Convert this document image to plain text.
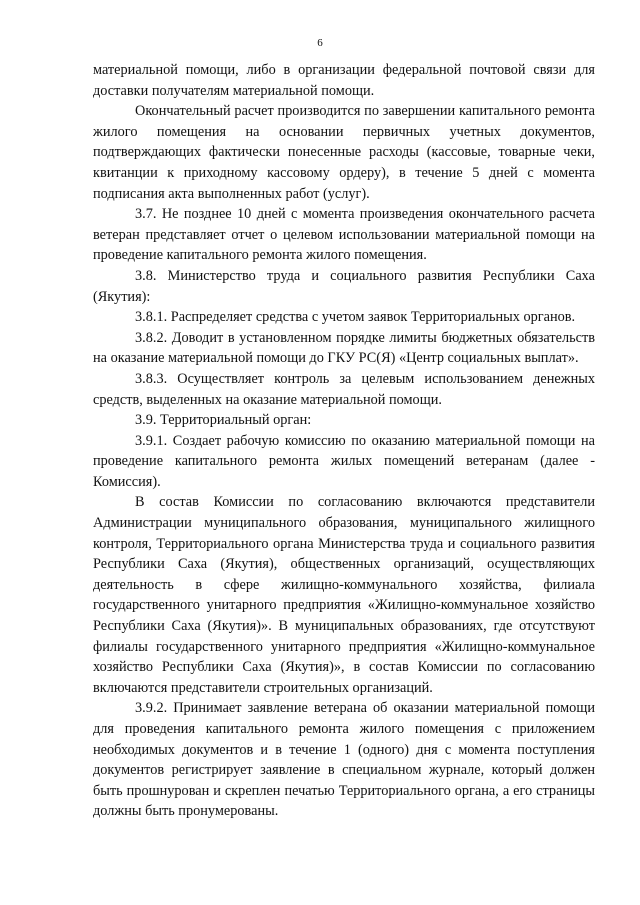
6

материальной помощи, либо в организации федеральной почтовой связи для доставки получателям материальной помощи.

Окончательный расчет производится по завершении капитального ремонта жилого помещения на основании первичных учетных документов, подтверждающих фактически понесенные расходы (кассовые, товарные чеки, квитанции к приходному кассовому ордеру), в течение 5 дней с момента подписания акта выполненных работ (услуг).

3.7. Не позднее 10 дней с момента произведения окончательного расчета ветеран представляет отчет о целевом использовании материальной помощи на проведение капитального ремонта жилого помещения.

3.8. Министерство труда и социального развития Республики Саха (Якутия):

3.8.1. Распределяет средства с учетом заявок Территориальных органов.

3.8.2. Доводит в установленном порядке лимиты бюджетных обязательств на оказание материальной помощи до ГКУ РС(Я) «Центр социальных выплат».

3.8.3. Осуществляет контроль за целевым использованием денежных средств, выделенных на оказание материальной помощи.

3.9. Территориальный орган:

3.9.1. Создает рабочую комиссию по оказанию материальной помощи на проведение капитального ремонта жилых помещений ветеранам (далее - Комиссия).

В состав Комиссии по согласованию включаются представители Администрации муниципального образования, муниципального жилищного контроля, Территориального органа Министерства труда и социального развития Республики Саха (Якутия), общественных организаций, осуществляющих деятельность в сфере жилищно-коммунального хозяйства, филиала государственного унитарного предприятия «Жилищно-коммунальное хозяйство Республики Саха (Якутия)». В муниципальных образованиях, где отсутствуют филиалы государственного унитарного предприятия «Жилищно-коммунальное хозяйство Республики Саха (Якутия)», в состав Комиссии по согласованию включаются представители строительных организаций.

3.9.2. Принимает заявление ветерана об оказании материальной помощи для проведения капитального ремонта жилого помещения с приложением необходимых документов и в течение 1 (одного) дня с момента поступления документов регистрирует заявление в специальном журнале, который должен быть прошнурован и скреплен печатью Территориального органа, а его страницы должны быть пронумерованы.
